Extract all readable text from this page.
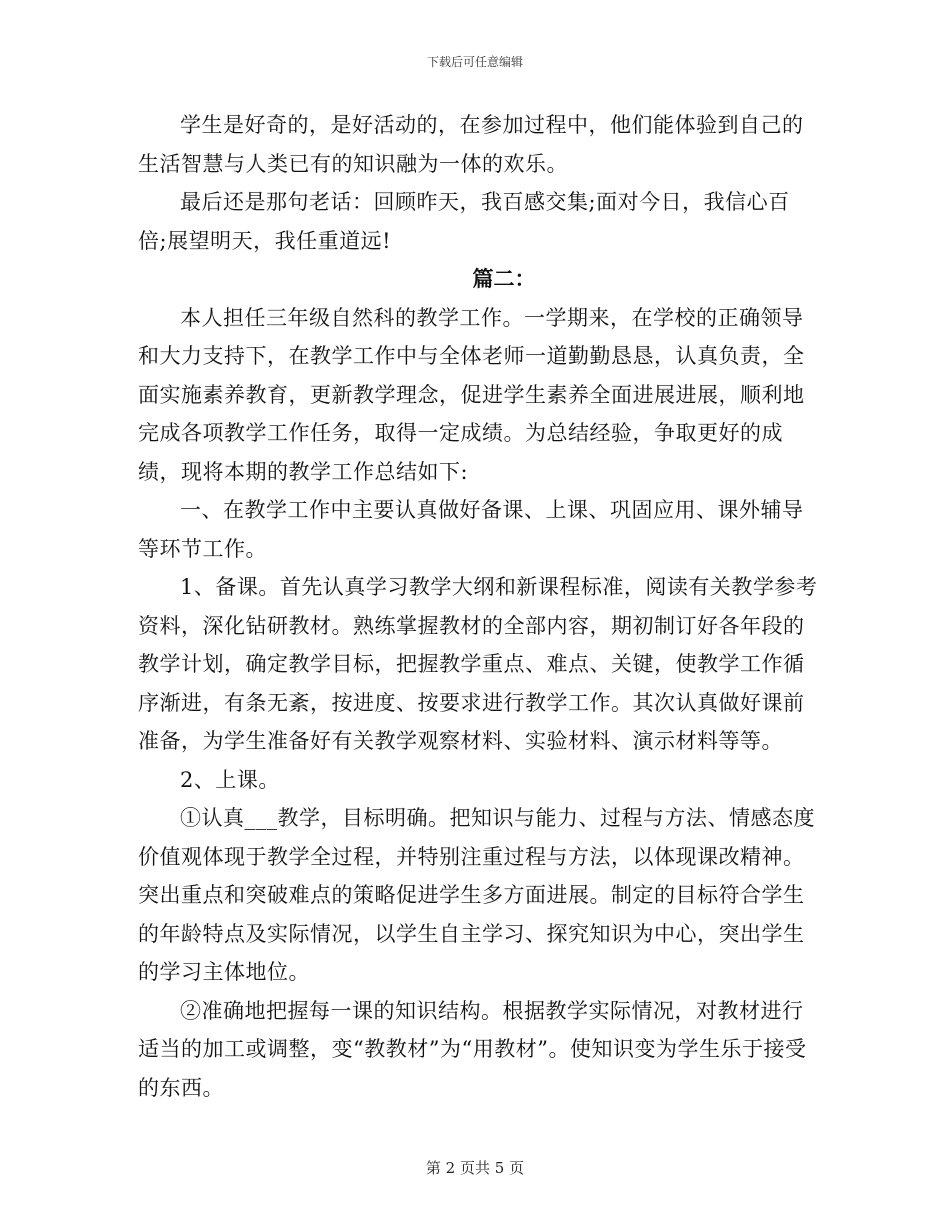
下载后可任意编辑

学生是好奇的，是好活动的，在参加过程中，他们能体验到自己的生活智慧与人类已有的知识融为一体的欢乐。

最后还是那句老话：回顾昨天，我百感交集;面对今日，我信心百倍;展望明天，我任重道远!

篇二：

本人担任三年级自然科的教学工作。一学期来，在学校的正确领导和大力支持下，在教学工作中与全体老师一道勤勤恳恳，认真负责，全面实施素养教育，更新教学理念，促进学生素养全面进展进展，顺利地完成各项教学工作任务，取得一定成绩。为总结经验，争取更好的成绩，现将本期的教学工作总结如下:

一、在教学工作中主要认真做好备课、上课、巩固应用、课外辅导等环节工作。

1、备课。首先认真学习教学大纲和新课程标准，阅读有关教学参考资料，深化钻研教材。熟练掌握教材的全部内容，期初制订好各年段的教学计划，确定教学目标，把握教学重点、难点、关键，使教学工作循序渐进，有条无紊，按进度、按要求进行教学工作。其次认真做好课前准备，为学生准备好有关教学观察材料、实验材料、演示材料等等。

2、上课。

①认真___教学，目标明确。把知识与能力、过程与方法、情感态度价值观体现于教学全过程，并特别注重过程与方法，以体现课改精神。突出重点和突破难点的策略促进学生多方面进展。制定的目标符合学生的年龄特点及实际情况，以学生自主学习、探究知识为中心，突出学生的学习主体地位。

②准确地把握每一课的知识结构。根据教学实际情况，对教材进行适当的加工或调整，变“教教材”为“用教材”。使知识变为学生乐于接受的东西。

第 2 页共 5 页
